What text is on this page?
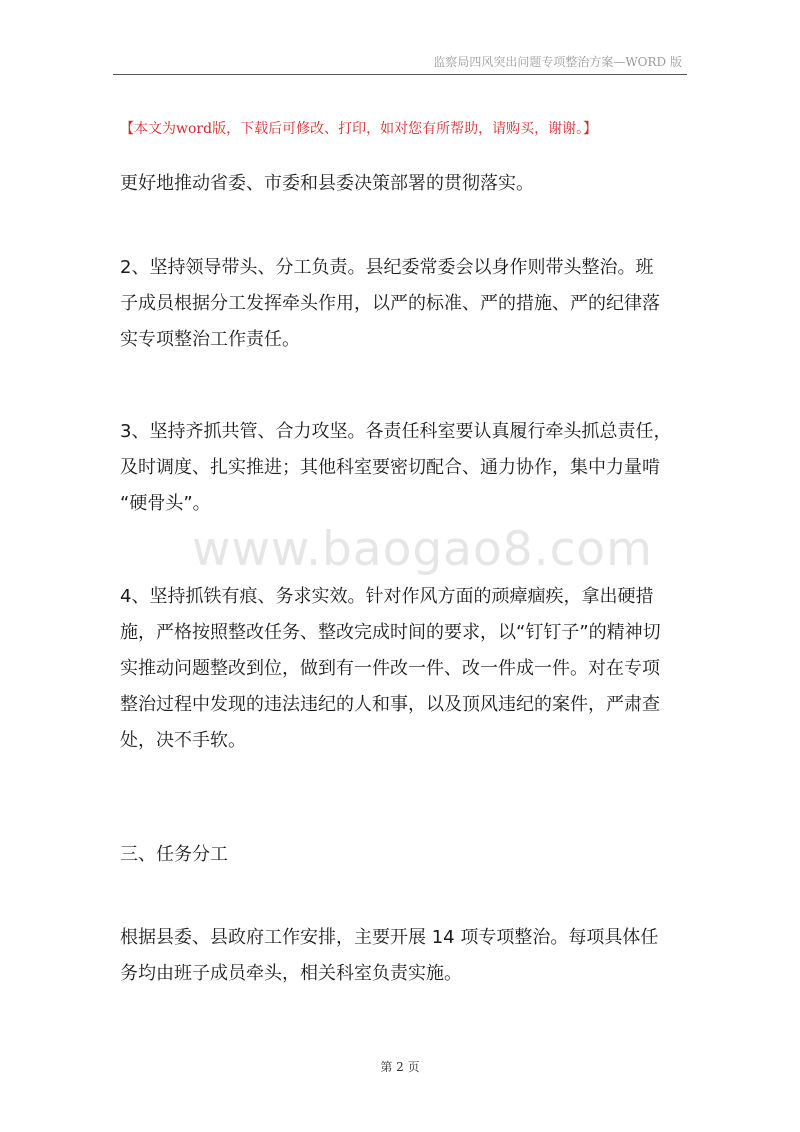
监察局四风突出问题专项整治方案—WORD 版
【本文为word版，下载后可修改、打印，如对您有所帮助，请购买，谢谢。】
www.baogao8.com
更好地推动省委、市委和县委决策部署的贯彻落实。
2、坚持领导带头、分工负责。县纪委常委会以身作则带头整治。班
子成员根据分工发挥牵头作用，以严的标准、严的措施、严的纪律落
实专项整治工作责任。
3、坚持齐抓共管、合力攻坚。各责任科室要认真履行牵头抓总责任，
及时调度、扎实推进；其他科室要密切配合、通力协作，集中力量啃
“硬骨头”。
4、坚持抓铁有痕、务求实效。针对作风方面的顽瘴痼疾，拿出硬措
施，严格按照整改任务、整改完成时间的要求，以“钉钉子”的精神切
实推动问题整改到位，做到有一件改一件、改一件成一件。对在专项
整治过程中发现的违法违纪的人和事，以及顶风违纪的案件，严肃查
处，决不手软。
三、任务分工
根据县委、县政府工作安排，主要开展 14 项专项整治。每项具体任
务均由班子成员牵头，相关科室负责实施。
第 2 页
